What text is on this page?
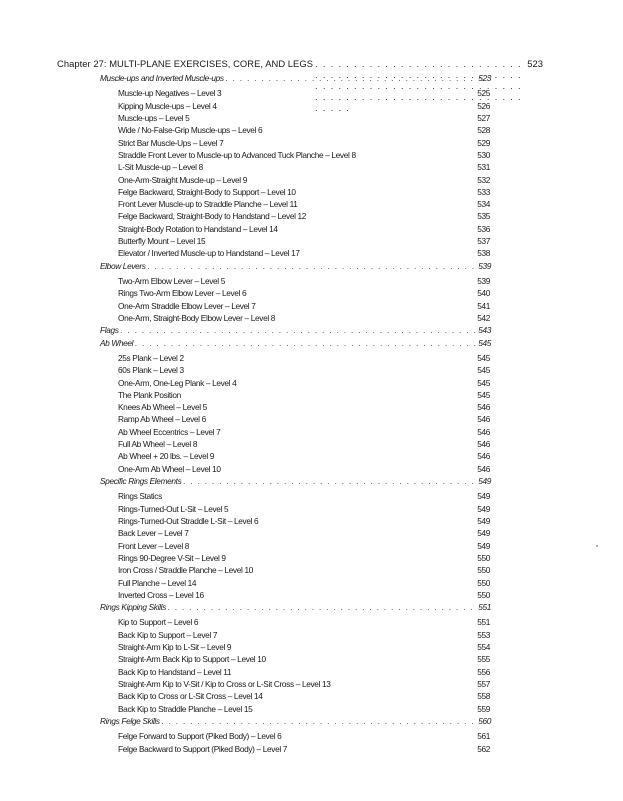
Chapter 27: MULTI-PLANE EXERCISES, CORE, AND LEGS . . .	523
Muscle-ups and Inverted Muscle-ups . . .	523
Muscle-up Negatives – Level 3	525
Kipping Muscle-ups – Level 4	526
Muscle-ups – Level 5	527
Wide / No-False-Grip Muscle-ups – Level 6	528
Strict Bar Muscle-Ups – Level 7	529
Straddle Front Lever to Muscle-up to Advanced Tuck Planche – Level 8	530
L-Sit Muscle-up – Level 8	531
One-Arm-Straight Muscle-up – Level 9	532
Felge Backward, Straight-Body to Support – Level 10	533
Front Lever Muscle-up to Straddle Planche – Level 11	534
Felge Backward, Straight-Body to Handstand – Level 12	535
Straight-Body Rotation to Handstand – Level 14	536
Butterfly Mount – Level 15	537
Elevator / Inverted Muscle-up to Handstand – Level 17	538
Elbow Levers . . .	539
Two-Arm Elbow Lever – Level 5	539
Rings Two-Arm Elbow Lever – Level 6	540
One-Arm Straddle Elbow Lever – Level 7	541
One-Arm, Straight-Body Elbow Lever – Level 8	542
Flags . . .	543
Ab Wheel . . .	545
25s Plank – Level 2	545
60s Plank – Level 3	545
One-Arm, One-Leg Plank – Level 4	545
The Plank Position	545
Knees Ab Wheel – Level 5	546
Ramp Ab Wheel – Level 6	546
Ab Wheel Eccentrics – Level 7	546
Full Ab Wheel – Level 8	546
Ab Wheel + 20 lbs. – Level 9	546
One-Arm Ab Wheel – Level 10	546
Specific Rings Elements . . .	549
Rings Statics	549
Rings-Turned-Out L-Sit – Level 5	549
Rings-Turned-Out Straddle L-Sit – Level 6	549
Back Lever – Level 7	549
Front Lever – Level 8	549
Rings 90-Degree V-Sit – Level 9	550
Iron Cross / Straddle Planche – Level 10	550
Full Planche – Level 14	550
Inverted Cross – Level 16	550
Rings Kipping Skills . . .	551
Kip to Support – Level 6	551
Back Kip to Support – Level 7	553
Straight-Arm Kip to L-Sit – Level 9	554
Straight-Arm Back Kip to Support – Level 10	555
Back Kip to Handstand – Level 11	556
Straight-Arm Kip to V-Sit / Kip to Cross or L-Sit Cross – Level 13	557
Back Kip to Cross or L-Sit Cross – Level 14	558
Back Kip to Straddle Planche – Level 15	559
Rings Felge Skills . . .	560
Felge Forward to Support (Piked Body) – Level 6	561
Felge Backward to Support (Piked Body) – Level 7	562
